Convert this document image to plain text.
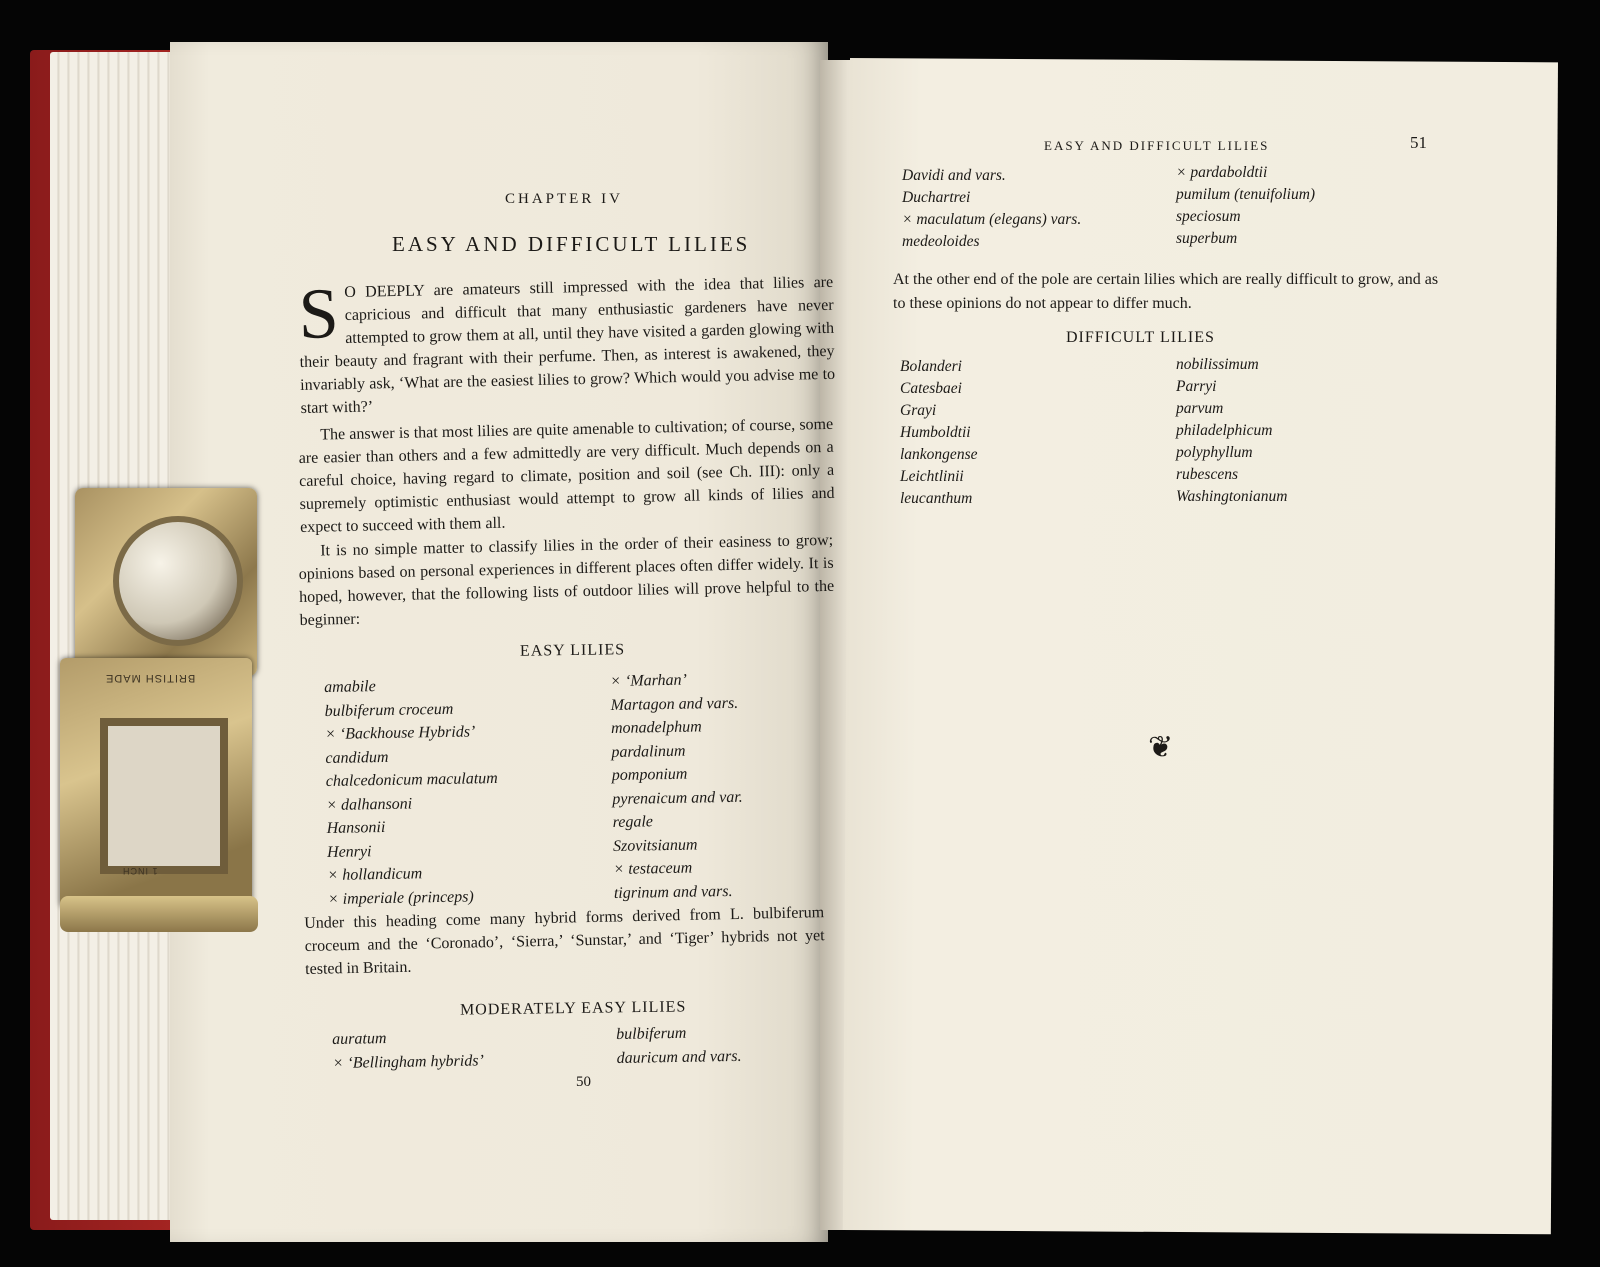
CHAPTER IV
EASY AND DIFFICULT LILIES
S O DEEPLY are amateurs still impressed with the idea that lilies are capricious and difficult that many enthusiastic gardeners have never attempted to grow them at all, until they have visited a garden glowing with their beauty and fragrant with their perfume. Then, as interest is awakened, they invariably ask, ‘What are the easiest lilies to grow? Which would you advise me to start with?’
The answer is that most lilies are quite amenable to cultivation; of course, some are easier than others and a few admittedly are very difficult. Much depends on a careful choice, having regard to climate, position and soil (see Ch. III): only a supremely optimistic enthusiast would attempt to grow all kinds of lilies and expect to succeed with them all.
It is no simple matter to classify lilies in the order of their easiness to grow; opinions based on personal experiences in different places often differ widely. It is hoped, however, that the following lists of outdoor lilies will prove helpful to the beginner:
EASY LILIES
amabile
bulbiferum croceum
× ‘Backhouse Hybrids’
candidum
chalcedonicum maculatum
× dalhansoni
Hansonii
Henryi
× hollandicum
× imperiale (princeps)
× ‘Marhan’
Martagon and vars.
monadelphum
pardalinum
pomponium
pyrenaicum and var.
regale
Szovitsianum
× testaceum
tigrinum and vars.
Under this heading come many hybrid forms derived from L. bulbiferum croceum and the ‘Coronado’, ‘Sierra,’ ‘Sunstar,’ and ‘Tiger’ hybrids not yet tested in Britain.
MODERATELY EASY LILIES
auratum
× ‘Bellingham hybrids’
bulbiferum
dauricum and vars.
50
EASY AND DIFFICULT LILIES	51
Davidi and vars.
Duchartrei
× maculatum (elegans) vars.
medeoloides
× pardaboldtii
pumilum (tenuifolium)
speciosum
superbum
At the other end of the pole are certain lilies which are really difficult to grow, and as to these opinions do not appear to differ much.
DIFFICULT LILIES
Bolanderi
Catesbaei
Grayi
Humboldtii
lankongense
Leichtlinii
leucanthum
nobilissimum
Parryi
parvum
philadelphicum
polyphyllum
rubescens
Washingtonianum
❦
BRITISH MADE
1 INCH
